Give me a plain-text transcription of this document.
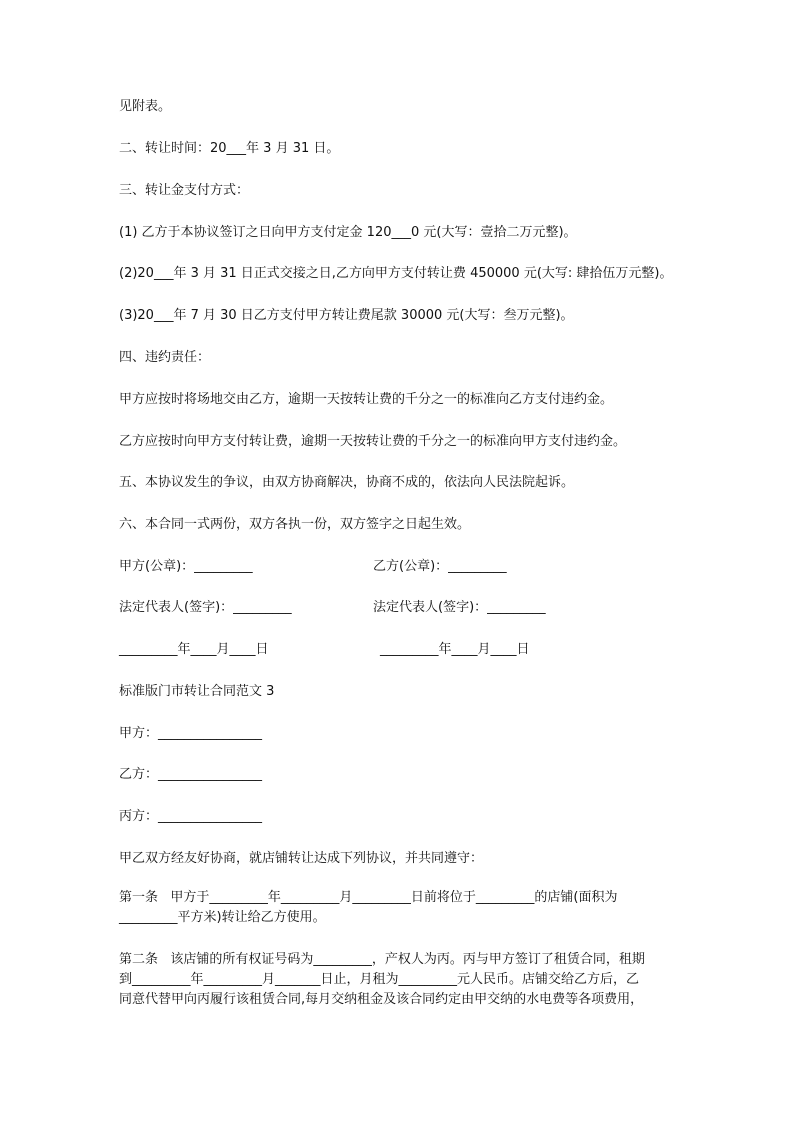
见附表。

二、转让时间：20___年 3 月 31 日。

三、转让金支付方式：

(1) 乙方于本协议签订之日向甲方支付定金 120___0 元(大写：壹拾二万元整)。

(2)20___年 3 月 31 日正式交接之日,乙方向甲方支付转让费 450000 元(大写: 肆拾伍万元整)。

(3)20___年 7 月 30 日乙方支付甲方转让费尾款 30000 元(大写：叁万元整)。

四、违约责任：

甲方应按时将场地交由乙方，逾期一天按转让费的千分之一的标准向乙方支付违约金。

乙方应按时向甲方支付转让费，逾期一天按转让费的千分之一的标准向甲方支付违约金。

五、本协议发生的争议，由双方协商解决，协商不成的，依法向人民法院起诉。

六、本合同一式两份，双方各执一份，双方签字之日起生效。

甲方(公章)：_________	乙方(公章)：_________

法定代表人(签字)：_________	法定代表人(签字)：_________

_________年____月____日	_________年____月____日

标准版门市转让合同范文 3

甲方：________________

乙方：________________

丙方：________________

甲乙双方经友好协商，就店铺转让达成下列协议，并共同遵守：

第一条   甲方于_________年_________月_________日前将位于_________的店铺(面积为
_________平方米)转让给乙方使用。

第二条   该店铺的所有权证号码为_________，产权人为丙。丙与甲方签订了租赁合同，租期
到_________年_________月_______日止，月租为_________元人民币。店铺交给乙方后，乙
同意代替甲向丙履行该租赁合同,每月交纳租金及该合同约定由甲交纳的水电费等各项费用，
